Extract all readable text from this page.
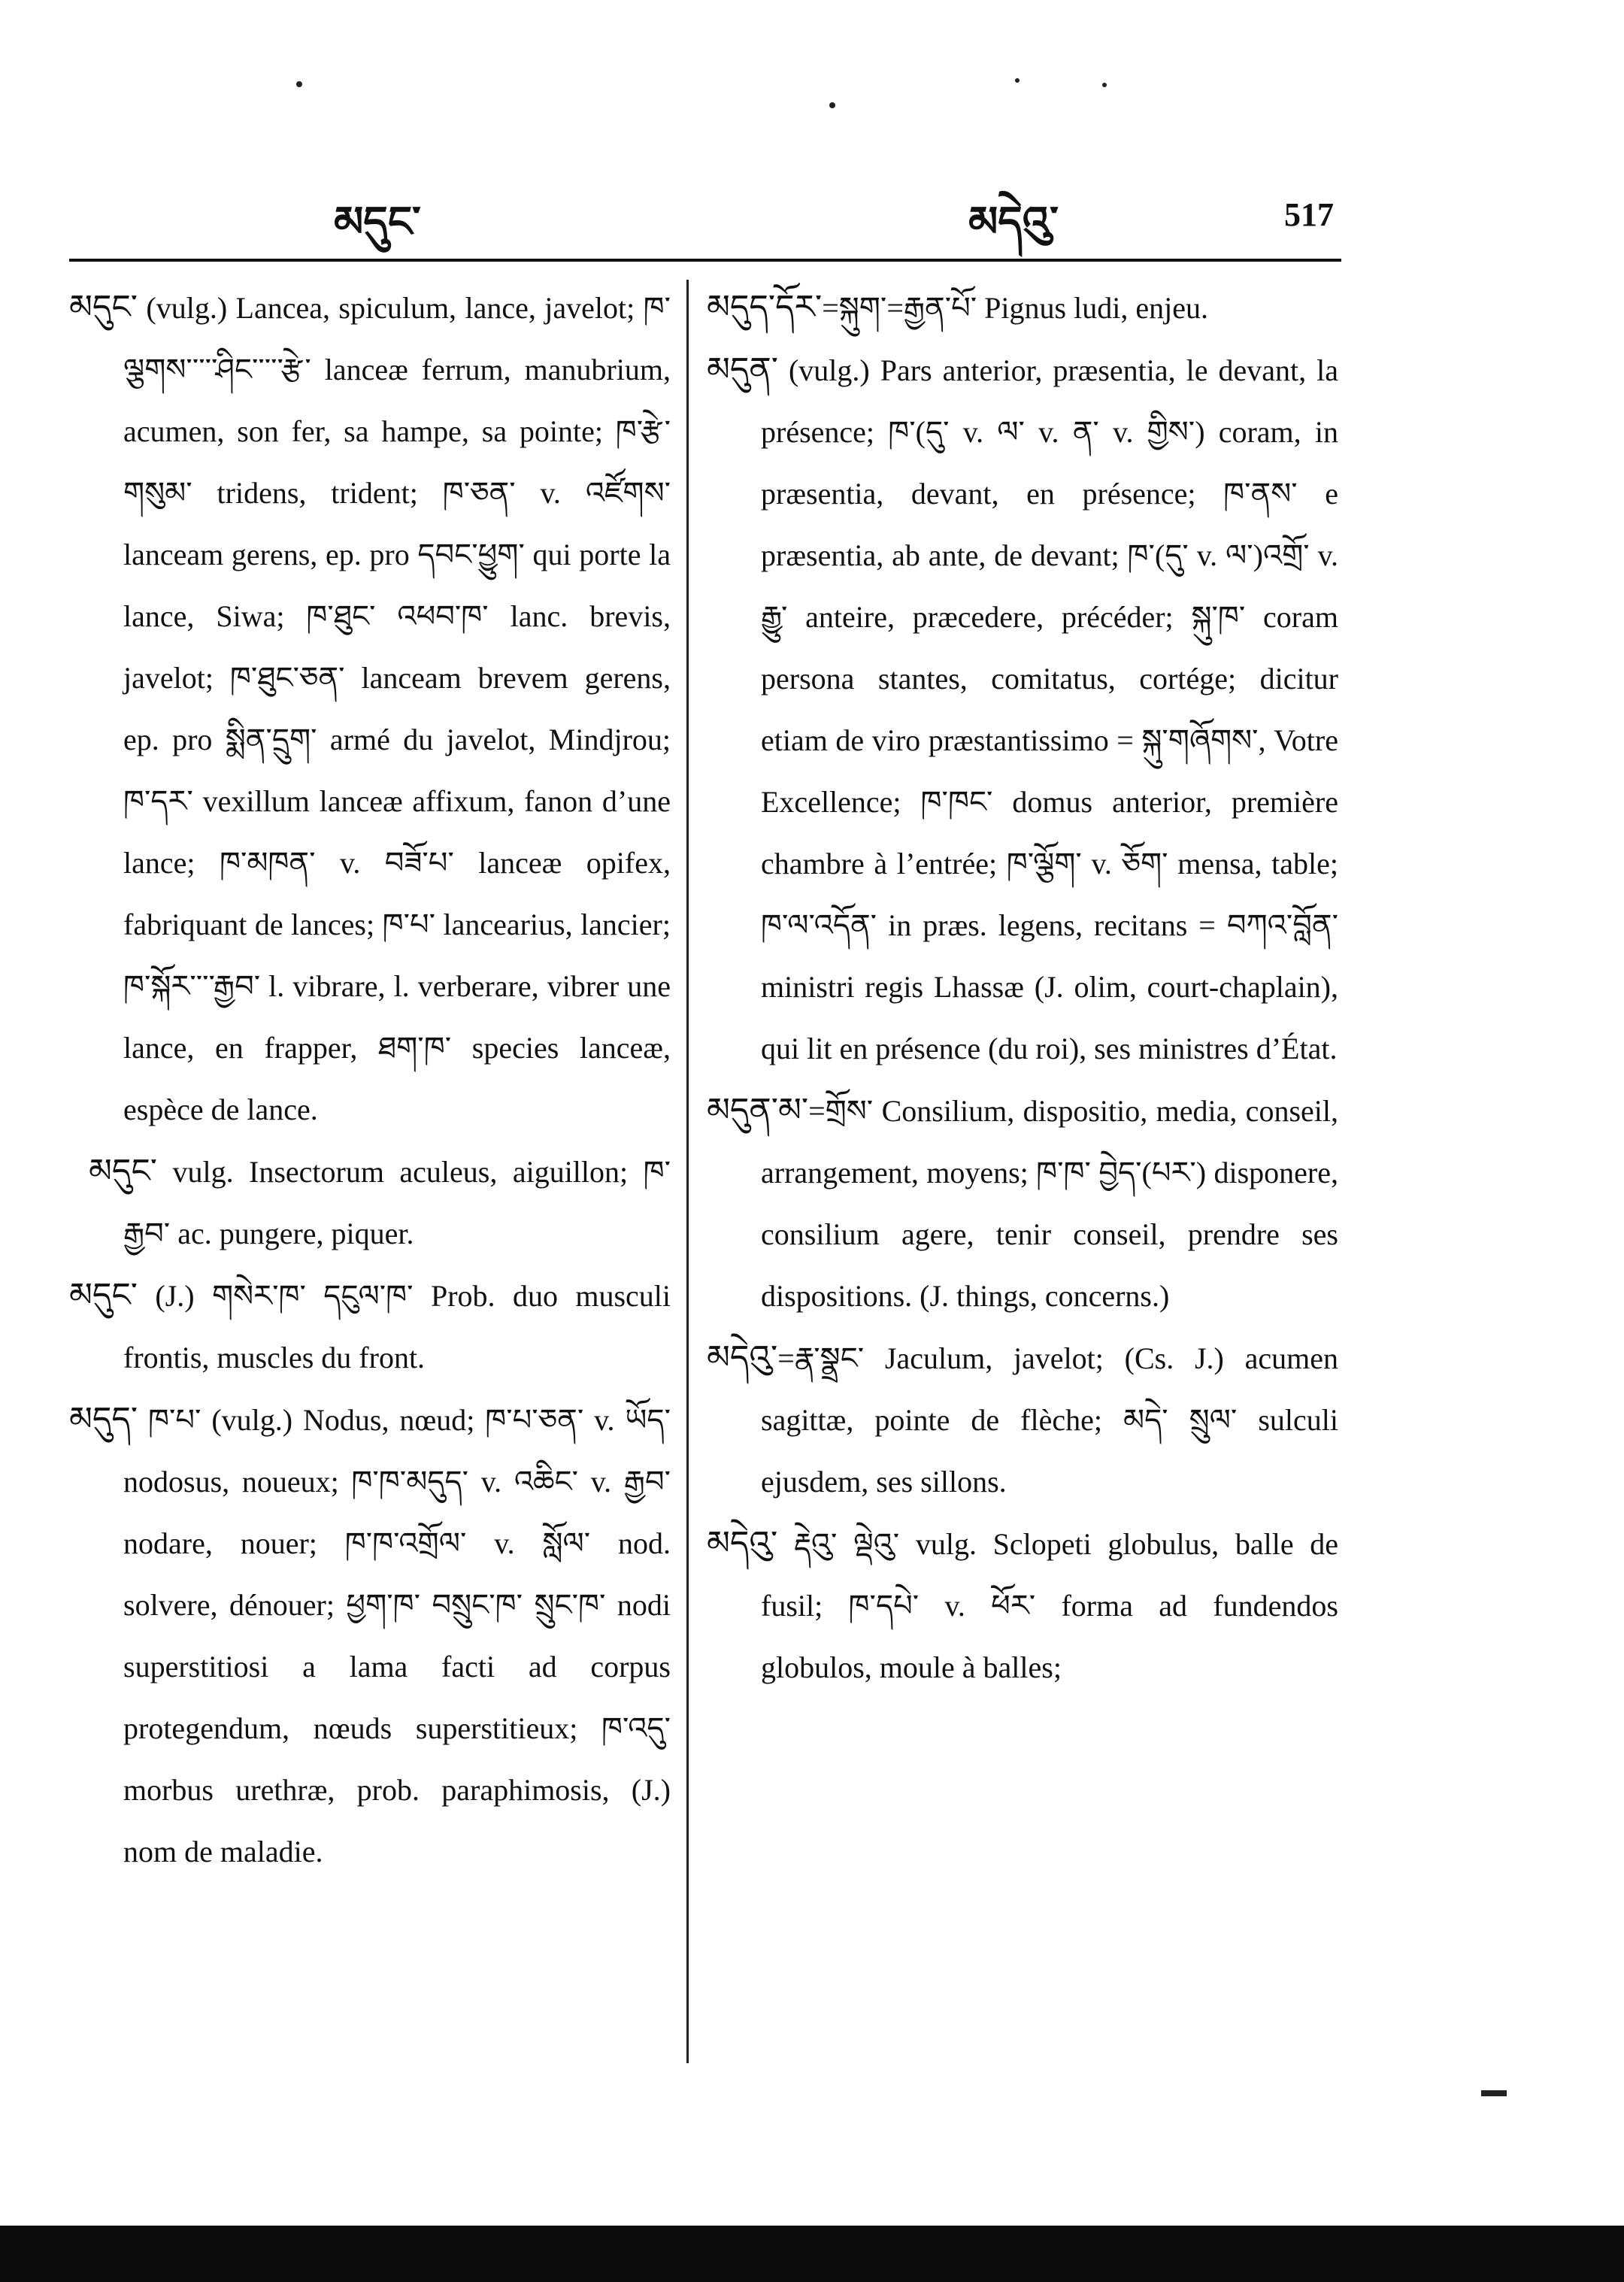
མདུང་	མདེའུ་	517

མདུང་ (vulg.) Lancea, spiculum, lance, javelot; ཁ་ལྕགས་་་་་ཤིང་་་་་རྩེ་ lanceæ ferrum, manubrium, acumen, son fer, sa hampe, sa pointe; ཁ་རྩེ་གསུམ་ tridens, trident; ཁ་ཅན་ v. འཛོགས་ lanceam gerens, ep. pro དབང་ཕྱུག་ qui porte la lance, Siwa; ཁ་ཐུང་ འཕབ་ཁ་ lanc. brevis, javelot; ཁ་ཐུང་ཅན་ lanceam brevem gerens, ep. pro སྨིན་དྲུག་ armé du javelot, Mindjrou; ཁ་དར་ vexillum lanceæ affixum, fanon d’une lance; ཁ་མཁན་ v. བཟོ་པ་ lanceæ opifex, fabriquant de lances; ཁ་པ་ lancearius, lancier; ཁ་སྐོར་་་་རྒྱབ་ l. vibrare, l. verberare, vibrer une lance, en frapper, ཐག་ཁ་ species lanceæ, espèce de lance.

མདུང་ vulg. Insectorum aculeus, aiguillon; ཁ་རྒྱབ་ ac. pungere, piquer.

མདུང་ (J.) གསེར་ཁ་ དངུལ་ཁ་ Prob. duo musculi frontis, muscles du front.

མདུད་ ཁ་པ་ (vulg.) Nodus, nœud; ཁ་པ་ཅན་ v. ཡོད་ nodosus, noueux; ཁ་ཁ་མདུད་ v. འཆིང་ v. རྒྱབ་ nodare, nouer; ཁ་ཁ་འགྲོལ་ v. སློལ་ nod. solvere, dénouer; ཕྱག་ཁ་ བསྲུང་ཁ་ སྲུང་ཁ་ nodi superstitiosi a lama facti ad corpus protegendum, nœuds superstitieux; ཁ་འདུ་ morbus urethræ, prob. paraphimosis, (J.) nom de maladie.

མདུད་དོར་=སྐུག་=རྒྱན་པོ་ Pignus ludi, enjeu.

མདུན་ (vulg.) Pars anterior, præsentia, le devant, la présence; ཁ་(དུ་ v. ལ་ v. ན་ v. གྱིས་) coram, in præsentia, devant, en présence; ཁ་ནས་ e præsentia, ab ante, de devant; ཁ་(དུ་ v. ལ་)འགྲོ་ v. རྒྱུ་ anteire, præcedere, précéder; སྐུ་ཁ་ coram persona stantes, comitatus, cortége; dicitur etiam de viro præstantissimo = སྐུ་གཞོགས་, Votre Excellence; ཁ་ཁང་ domus anterior, première chambre à l’entrée; ཁ་ལྕོག་ v. ཅོག་ mensa, table; ཁ་ལ་འདོན་ in præs. legens, recitans = བཀའ་བློན་ ministri regis Lhassæ (J. olim, court-chaplain), qui lit en présence (du roi), ses ministres d’État.

མདུན་མ་=གྲོས་ Consilium, dispositio, media, conseil, arrangement, moyens; ཁ་ཁ་ བྱེད་(པར་) disponere, consilium agere, tenir conseil, prendre ses dispositions. (J. things, concerns.)

མདེའུ་=རྣ་སྣྲང་ Jaculum, javelot; (Cs. J.) acumen sagittæ, pointe de flèche; མདེ་ སྲུལ་ sulculi ejusdem, ses sillons.

མདེའུ་ རྡེའུ་ ལྡེའུ་ vulg. Sclopeti globulus, balle de fusil; ཁ་དཔེ་ v. ཕོར་ forma ad fundendos globulos, moule à balles;
